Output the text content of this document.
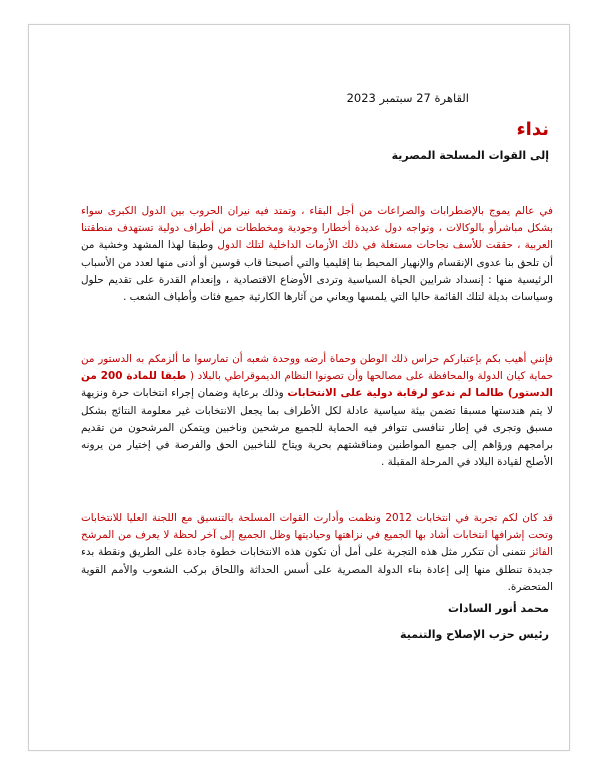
القاهرة 27 سبتمبر 2023
نداء
إلى القوات المسلحة المصرية
في عالم يموج بالإضطرابات والصراعات من أجل البقاء ، وتمتد فيه نيران الحروب بين الدول الكبرى سواء بشكل مباشرأو بالوكالات ، وتواجه دول عديدة أخطارا وجودية ومخططات من أطراف دولية تستهدف منطقتنا العربية ، حققت للأسف نجاحات مستغلة في ذلك الأزمات الداخلية لتلك الدول وطبقا لهذا المشهد وخشية من أن تلحق بنا عدوى الإنقسام والإنهيار المحيط بنا إقليميا والتي أصبحنا قاب قوسين أو أدنى منها لعدد من الأسباب الرئيسية منها : إنسداد شرايين الحياة السياسية وتردى الأوضاع الاقتصادية ، وإنعدام القدرة على تقديم حلول وسياسات بديلة لتلك القائمة حاليا التي يلمسها ويعاني من آثارها الكارثية جميع فئات وأطياف الشعب .
فإنني أهيب بكم بإعتباركم حراس ذلك الوطن وحماة أرضه ووحدة شعبه أن تمارسوا ما ألزمكم به الدستور من حماية كيان الدولة والمحافظة على مصالحها وأن تصونوا النظام الديموقراطي بالبلاد ( طبقا للمادة 200 من الدستور) طالما لم ندعو لرقابة دولية على الانتخابات وذلك برعاية وضمان إجراء انتخابات حرة ونزيهة لا يتم هندستها مسبقا تضمن بيئة سياسية عادلة لكل الأطراف بما يجعل الانتخابات غير معلومة النتائج بشكل مسبق وتجرى في إطار تنافسى تتوافر فيه الحماية للجميع مرشحين وناخبين ويتمكن المرشحون من تقديم برامجهم ورؤاهم إلى جميع المواطنين ومناقشتهم بحرية ويتاح للناخبين الحق والفرصة في إختيار من يرونه الأصلح لقيادة البلاد في المرحلة المقبلة .
قد كان لكم تجربة في انتخابات 2012 ونظمت وأدارت القوات المسلحة بالتنسيق مع اللجنة العليا للانتخابات وتحت إشرافها انتخابات أشاد بها الجميع في نزاهتها وحياديتها وظل الجميع إلى آخر لحظة لا يعرف من المرشح الفائز نتمنى أن تتكرر مثل هذه التجربة على أمل أن تكون هذه الانتخابات خطوة جادة على الطريق ونقطة بدء جديدة تنطلق منها إلى إعادة بناء الدولة المصرية على أسس الحداثة واللحاق بركب الشعوب والأمم القوية المتحضرة.
محمد أنور السادات
رئيس حزب الإصلاح والتنمية
